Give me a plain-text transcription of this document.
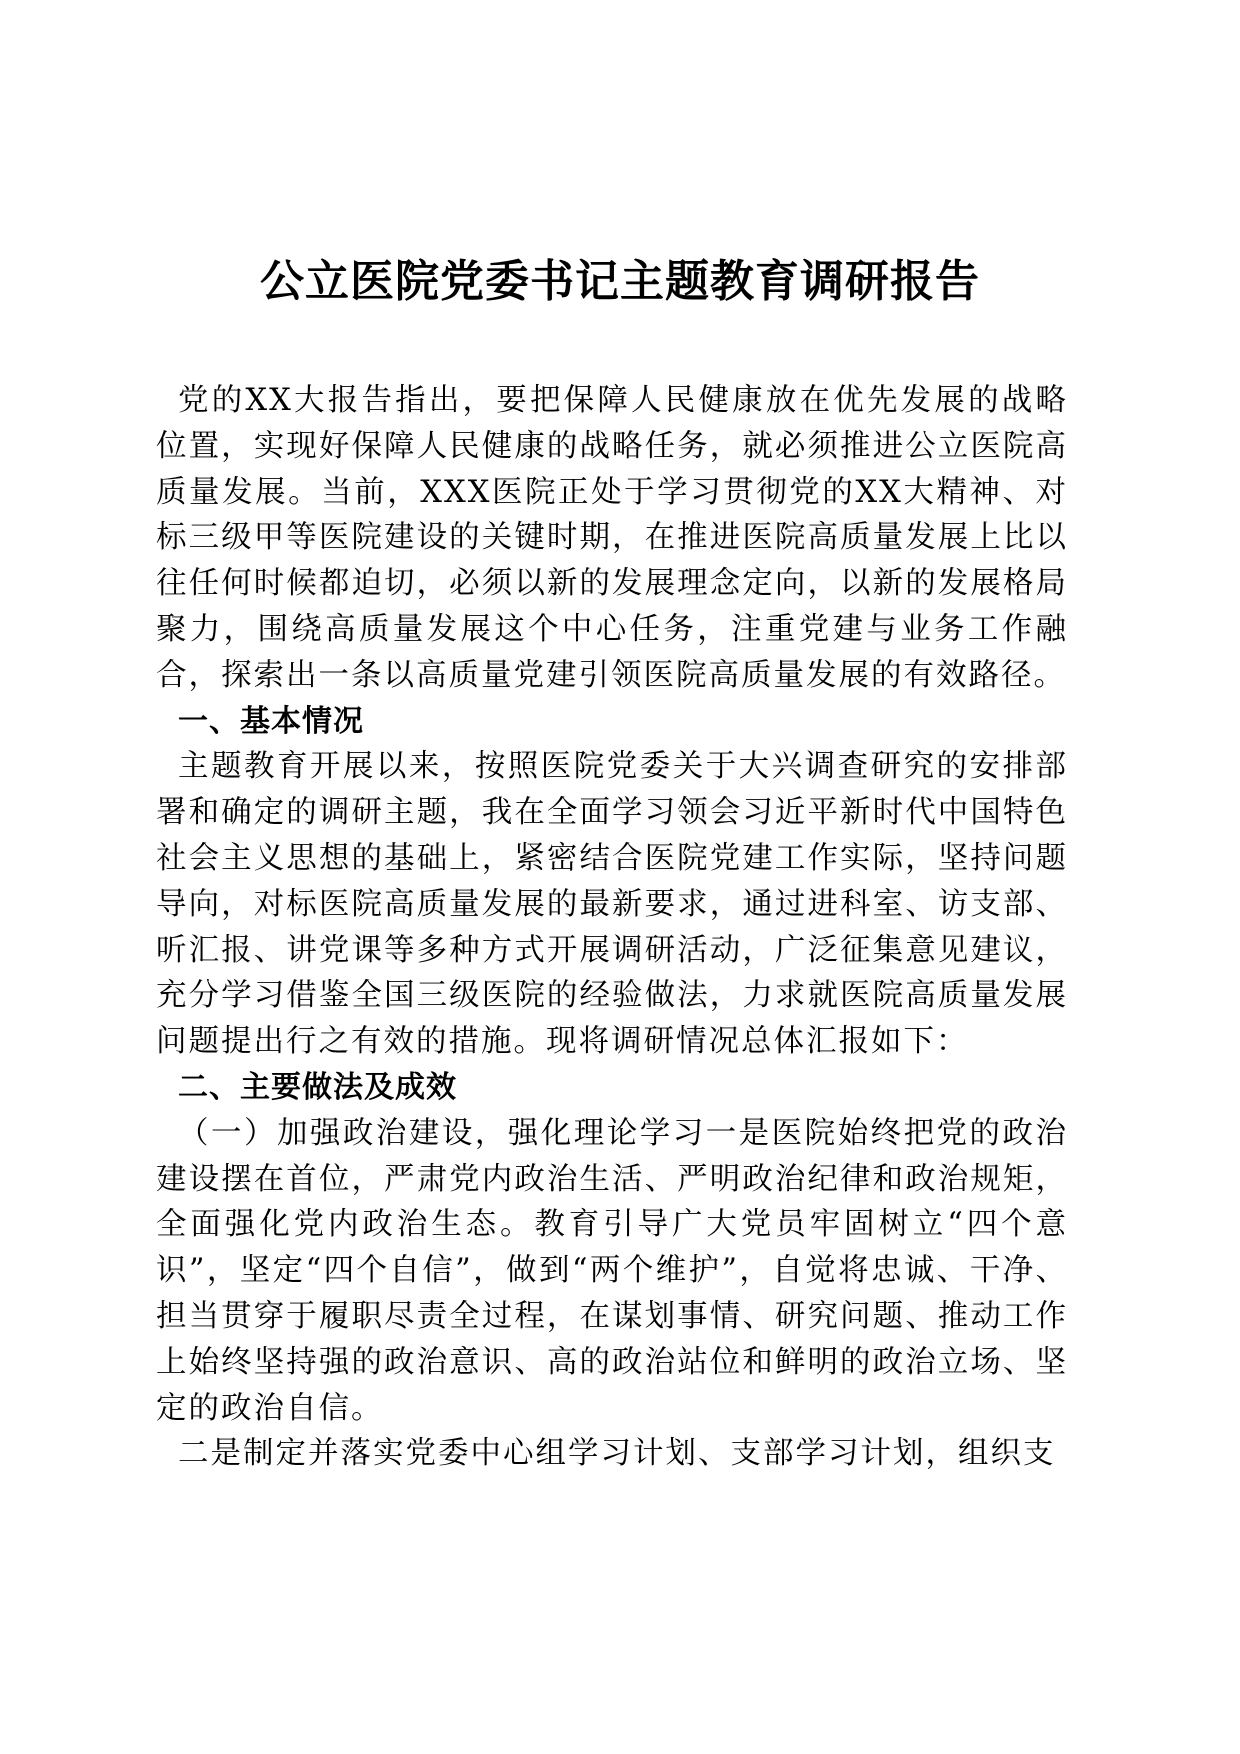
公立医院党委书记主题教育调研报告

党的XX大报告指出，要把保障人民健康放在优先发展的战略位置，实现好保障人民健康的战略任务，就必须推进公立医院高质量发展。当前，XXX医院正处于学习贯彻党的XX大精神、对标三级甲等医院建设的关键时期，在推进医院高质量发展上比以往任何时候都迫切，必须以新的发展理念定向，以新的发展格局聚力，围绕高质量发展这个中心任务，注重党建与业务工作融合，探索出一条以高质量党建引领医院高质量发展的有效路径。

一、基本情况

主题教育开展以来，按照医院党委关于大兴调查研究的安排部署和确定的调研主题，我在全面学习领会习近平新时代中国特色社会主义思想的基础上，紧密结合医院党建工作实际，坚持问题导向，对标医院高质量发展的最新要求，通过进科室、访支部、听汇报、讲党课等多种方式开展调研活动，广泛征集意见建议，充分学习借鉴全国三级医院的经验做法，力求就医院高质量发展问题提出行之有效的措施。现将调研情况总体汇报如下：

二、主要做法及成效

（一）加强政治建设，强化理论学习一是医院始终把党的政治建设摆在首位，严肃党内政治生活、严明政治纪律和政治规矩，全面强化党内政治生态。教育引导广大党员牢固树立“四个意识”，坚定“四个自信”，做到“两个维护”，自觉将忠诚、干净、担当贯穿于履职尽责全过程，在谋划事情、研究问题、推动工作上始终坚持强的政治意识、高的政治站位和鲜明的政治立场、坚定的政治自信。

二是制定并落实党委中心组学习计划、支部学习计划，组织支
